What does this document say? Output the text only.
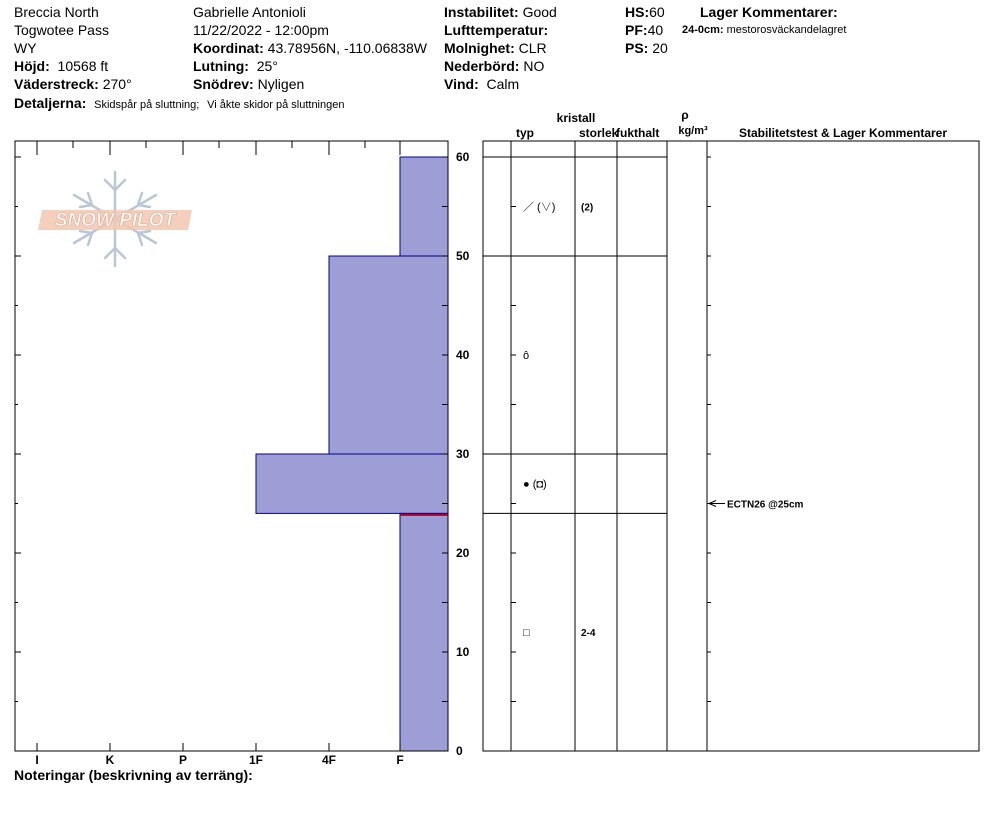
Breccia North
Togwotee Pass
WY
Höjd: 10568 ft
Väderstreck: 270°
Detaljerna: Skidspår på sluttning; Vi åkte skidor på sluttningen
Gabrielle Antonioli
11/22/2022 - 12:00pm
Koordinat: 43.78956N, -110.06838W
Lutning: 25°
Snödrev: Nyligen
Instabilitet: Good
Lufttemperatur:
Molnighet: CLR
Nederbörd: NO
Vind: Calm
HS:60
PF:40
PS: 20
Lager Kommentarer:
24-0cm: mestorosväckandelagret
SNOW PILOT
I	K	P	1F	4F	F
0
10
20
30
40
50
60
／ (∨)	(2)
ô
● (◘)
□	2-4
ECTN26 @25cm
kristall
typ	storlek
fukthalt
ρ
kg/m³	Stabilitetstest & Lager Kommentarer
Noteringar (beskrivning av terräng):
